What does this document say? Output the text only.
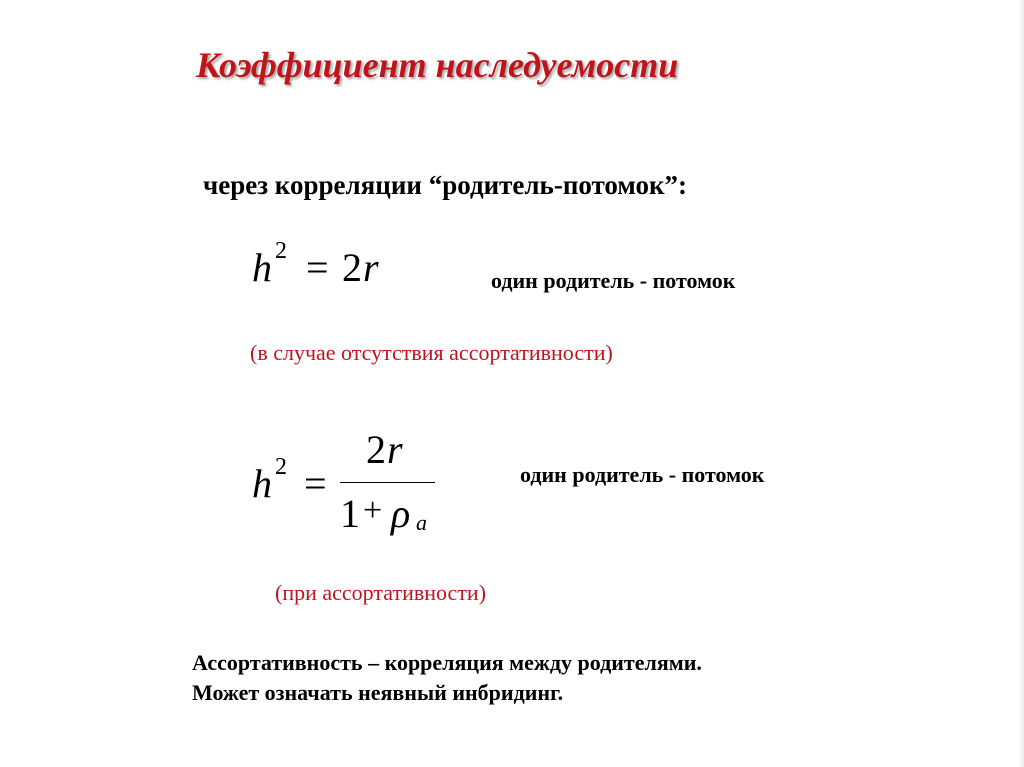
Коэффициент наследуемости
через корреляции “родитель-потомок”:
h 2 = 2 r	один родитель - потомок
(в случае отсутствия ассортативности)
h 2 =
2 r
1 + ρ a
один родитель - потомок
(при ассортативности)
Ассортативность – корреляция между родителями.
Может означать неявный инбридинг.
